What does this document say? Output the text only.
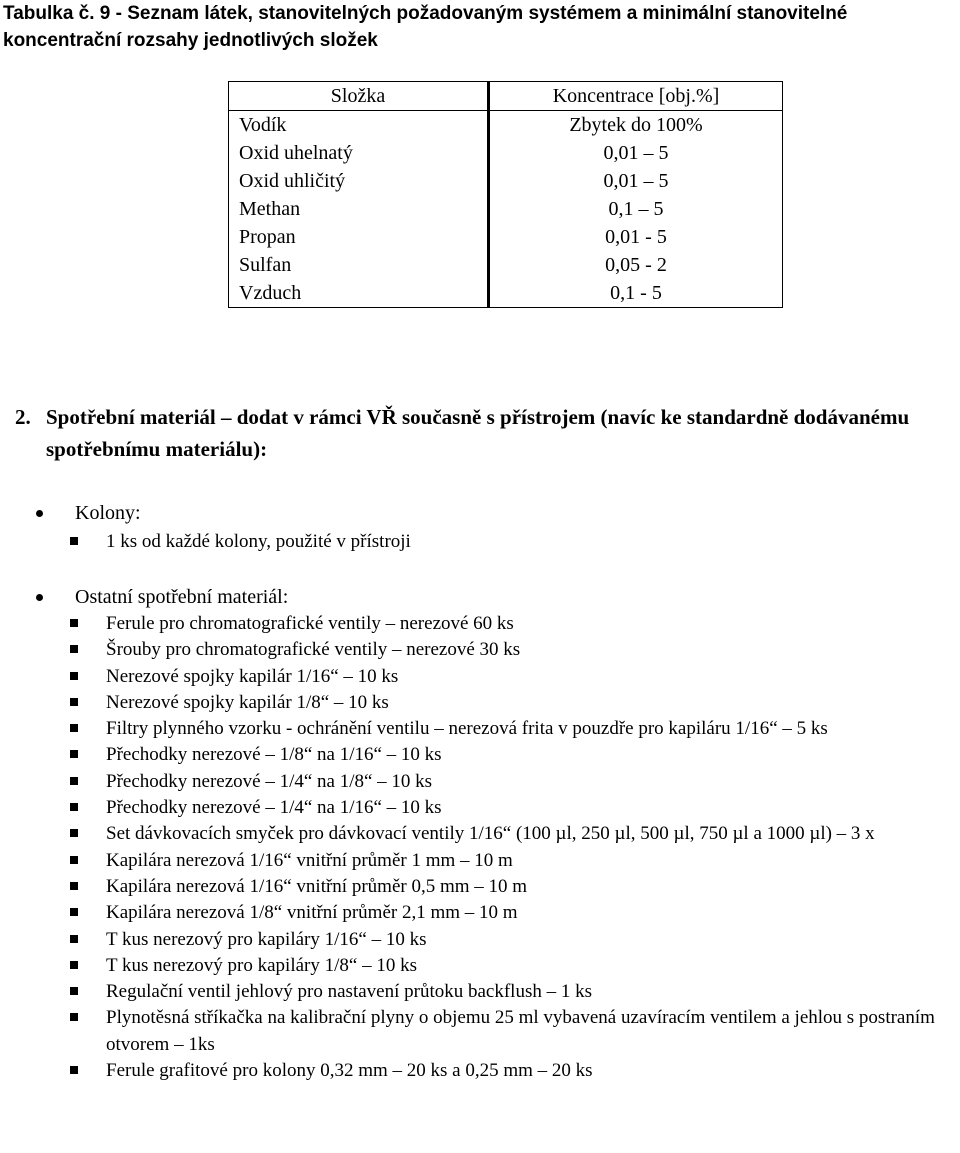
Tabulka č. 9 - Seznam látek, stanovitelných požadovaným systémem a minimální stanovitelné koncentrační rozsahy jednotlivých složek

Složka	Koncentrace [obj.%]
Vodík	Zbytek do 100%
Oxid uhelnatý	0,01 – 5
Oxid uhličitý	0,01 – 5
Methan	0,1 – 5
Propan	0,01 - 5
Sulfan	0,05 - 2
Vzduch	0,1 - 5
2. Spotřební materiál – dodat v rámci VŘ současně s přístrojem (navíc ke standardně dodávanému spotřebnímu materiálu):
Kolony:
1 ks od každé kolony, použité v přístroji
Ostatní spotřební materiál:
Ferule pro chromatografické ventily – nerezové 60 ks
Šrouby pro chromatografické ventily – nerezové 30 ks
Nerezové spojky kapilár 1/16“ – 10 ks
Nerezové spojky kapilár 1/8“ – 10 ks
Filtry plynného vzorku - ochránění ventilu – nerezová frita v pouzdře pro kapiláru 1/16“ – 5 ks
Přechodky nerezové – 1/8“ na 1/16“ – 10 ks
Přechodky nerezové – 1/4“ na 1/8“ – 10 ks
Přechodky nerezové – 1/4“ na 1/16“ – 10 ks
Set dávkovacích smyček pro dávkovací ventily 1/16“ (100 µl, 250 µl, 500 µl, 750 µl a 1000 µl) – 3 x
Kapilára nerezová 1/16“ vnitřní průměr 1 mm – 10 m
Kapilára nerezová 1/16“ vnitřní průměr 0,5 mm – 10 m
Kapilára nerezová 1/8“ vnitřní průměr 2,1 mm – 10 m
T kus nerezový pro kapiláry 1/16“ – 10 ks
T kus nerezový pro kapiláry 1/8“ – 10 ks
Regulační ventil jehlový pro nastavení průtoku backflush – 1 ks
Plynotěsná stříkačka na kalibrační plyny o objemu 25 ml vybavená uzavíracím ventilem a jehlou s postraním otvorem – 1ks
Ferule grafitové pro kolony 0,32 mm – 20 ks a 0,25 mm – 20 ks
